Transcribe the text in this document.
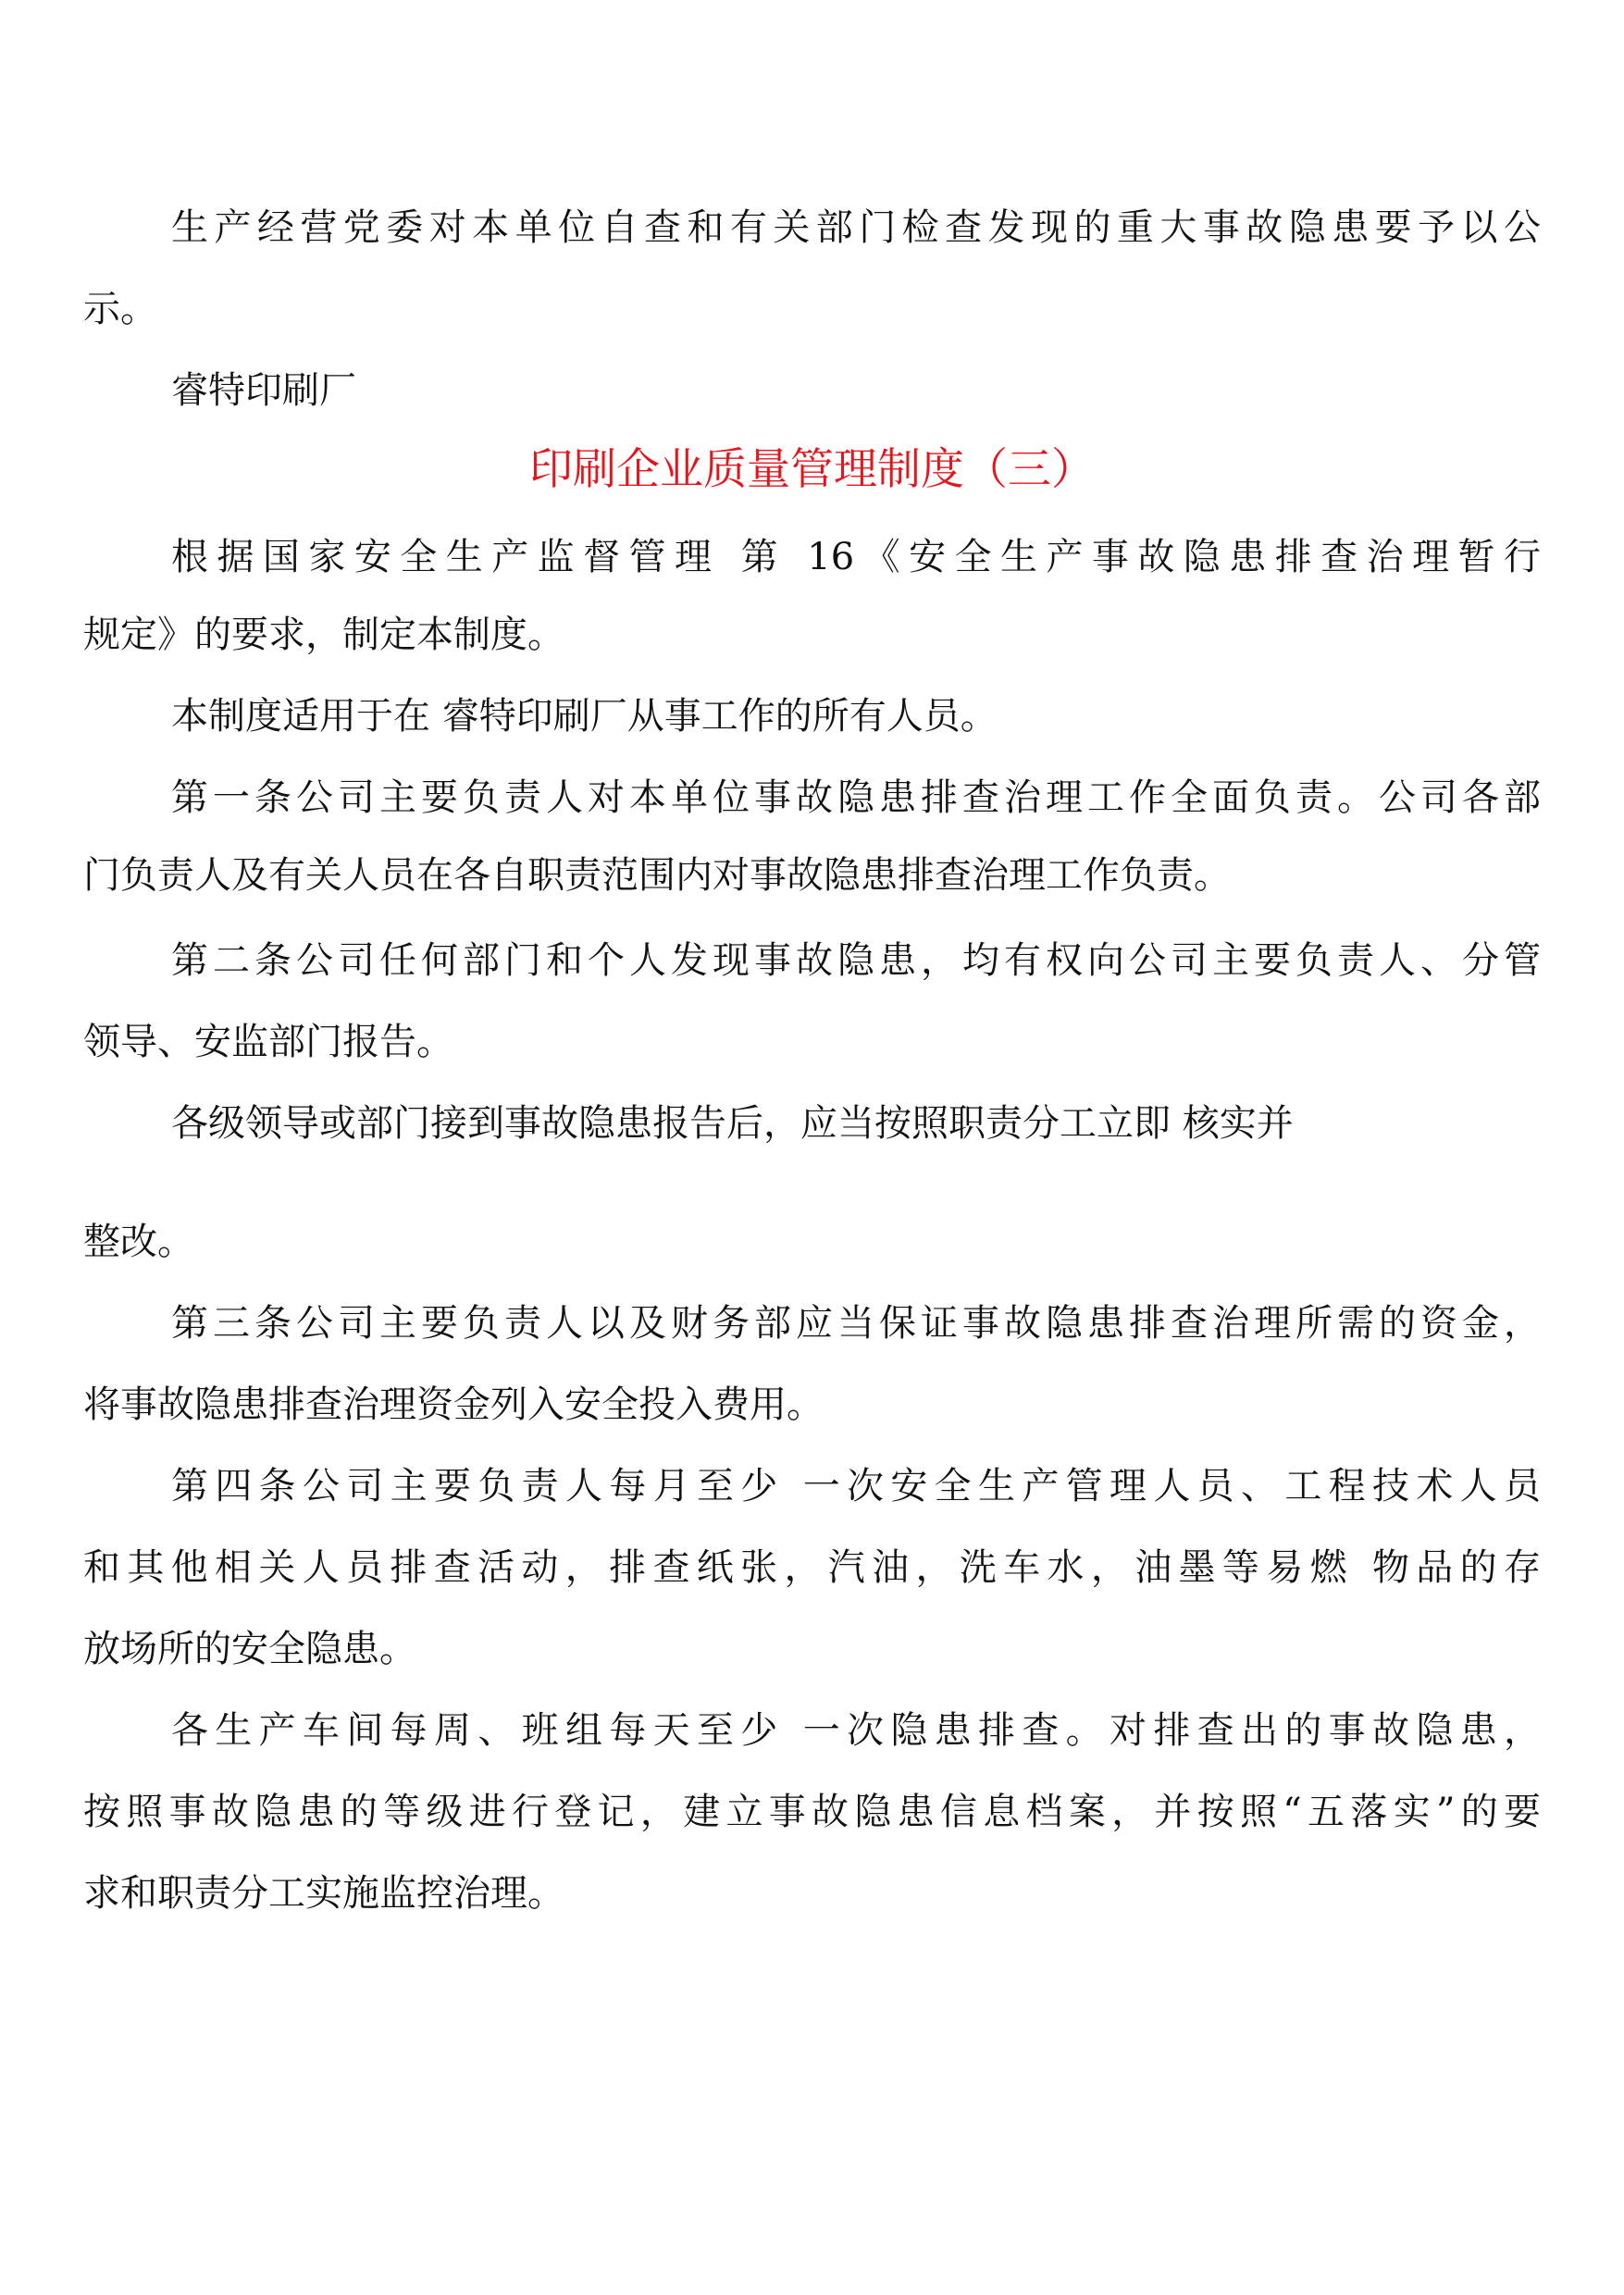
生产经营党委对本单位自查和有关部门检查发现的重大事故隐患要予以公
示。
睿特印刷厂
印刷企业质量管理制度（三）
根据国家安全生产监督管理 第 16《安全生产事故隐患排查治理暂行
规定》的要求，制定本制度。
本制度适用于在 睿特印刷厂从事工作的所有人员。
第一条公司主要负责人对本单位事故隐患排查治理工作全面负责。公司各部
门负责人及有关人员在各自职责范围内对事故隐患排查治理工作负责。
第二条公司任何部门和个人发现事故隐患，均有权向公司主要负责人、分管
领导、安监部门报告。
各级领导或部门接到事故隐患报告后，应当按照职责分工立即 核实并
整改。
第三条公司主要负责人以及财务部应当保证事故隐患排查治理所需的资金，
将事故隐患排查治理资金列入安全投入费用。
第四条公司主要负责人每月至少 一次安全生产管理人员、工程技术人员
和其他相关人员排查活动，排查纸张，汽油，洗车水，油墨等易燃 物品的存
放场所的安全隐患。
各生产车间每周、班组每天至少 一次隐患排查。对排查出的事故隐患，
按照事故隐患的等级进行登记，建立事故隐患信息档案，并按照“五落实”的要
求和职责分工实施监控治理。
